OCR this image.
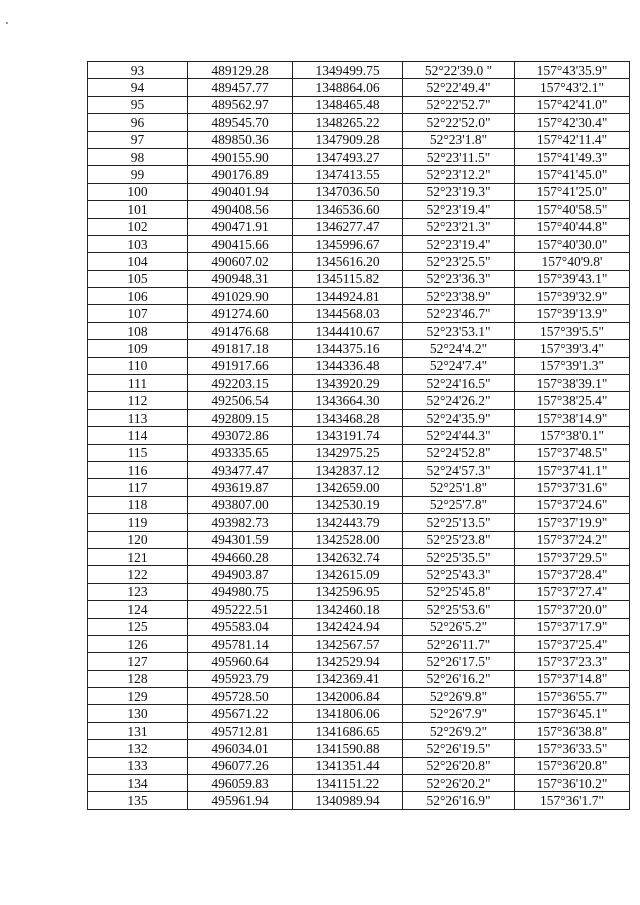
93	489129.28	1349499.75	52°22'39.0 "	157°43'35.9"
94	489457.77	1348864.06	52°22'49.4"	157°43'2.1"
95	489562.97	1348465.48	52°22'52.7"	157°42'41.0"
96	489545.70	1348265.22	52°22'52.0"	157°42'30.4"
97	489850.36	1347909.28	52°23'1.8"	157°42'11.4"
98	490155.90	1347493.27	52°23'11.5"	157°41'49.3"
99	490176.89	1347413.55	52°23'12.2"	157°41'45.0"
100	490401.94	1347036.50	52°23'19.3"	157°41'25.0"
101	490408.56	1346536.60	52°23'19.4"	157°40'58.5"
102	490471.91	1346277.47	52°23'21.3"	157°40'44.8"
103	490415.66	1345996.67	52°23'19.4"	157°40'30.0"
104	490607.02	1345616.20	52°23'25.5"	157°40'9.8'
105	490948.31	1345115.82	52°23'36.3"	157°39'43.1"
106	491029.90	1344924.81	52°23'38.9"	157°39'32.9"
107	491274.60	1344568.03	52°23'46.7"	157°39'13.9"
108	491476.68	1344410.67	52°23'53.1"	157°39'5.5"
109	491817.18	1344375.16	52°24'4.2"	157°39'3.4"
110	491917.66	1344336.48	52°24'7.4"	157°39'1.3"
111	492203.15	1343920.29	52°24'16.5"	157°38'39.1"
112	492506.54	1343664.30	52°24'26.2"	157°38'25.4"
113	492809.15	1343468.28	52°24'35.9"	157°38'14.9"
114	493072.86	1343191.74	52°24'44.3"	157°38'0.1"
115	493335.65	1342975.25	52°24'52.8"	157°37'48.5"
116	493477.47	1342837.12	52°24'57.3"	157°37'41.1"
117	493619.87	1342659.00	52°25'1.8"	157°37'31.6"
118	493807.00	1342530.19	52°25'7.8"	157°37'24.6"
119	493982.73	1342443.79	52°25'13.5"	157°37'19.9"
120	494301.59	1342528.00	52°25'23.8"	157°37'24.2"
121	494660.28	1342632.74	52°25'35.5"	157°37'29.5"
122	494903.87	1342615.09	52°25'43.3"	157°37'28.4"
123	494980.75	1342596.95	52°25'45.8"	157°37'27.4"
124	495222.51	1342460.18	52°25'53.6"	157°37'20.0"
125	495583.04	1342424.94	52°26'5.2"	157°37'17.9"
126	495781.14	1342567.57	52°26'11.7"	157°37'25.4"
127	495960.64	1342529.94	52°26'17.5"	157°37'23.3"
128	495923.79	1342369.41	52°26'16.2"	157°37'14.8"
129	495728.50	1342006.84	52°26'9.8"	157°36'55.7"
130	495671.22	1341806.06	52°26'7.9"	157°36'45.1"
131	495712.81	1341686.65	52°26'9.2"	157°36'38.8"
132	496034.01	1341590.88	52°26'19.5"	157°36'33.5"
133	496077.26	1341351.44	52°26'20.8"	157°36'20.8"
134	496059.83	1341151.22	52°26'20.2"	157°36'10.2"
135	495961.94	1340989.94	52°26'16.9"	157°36'1.7"
